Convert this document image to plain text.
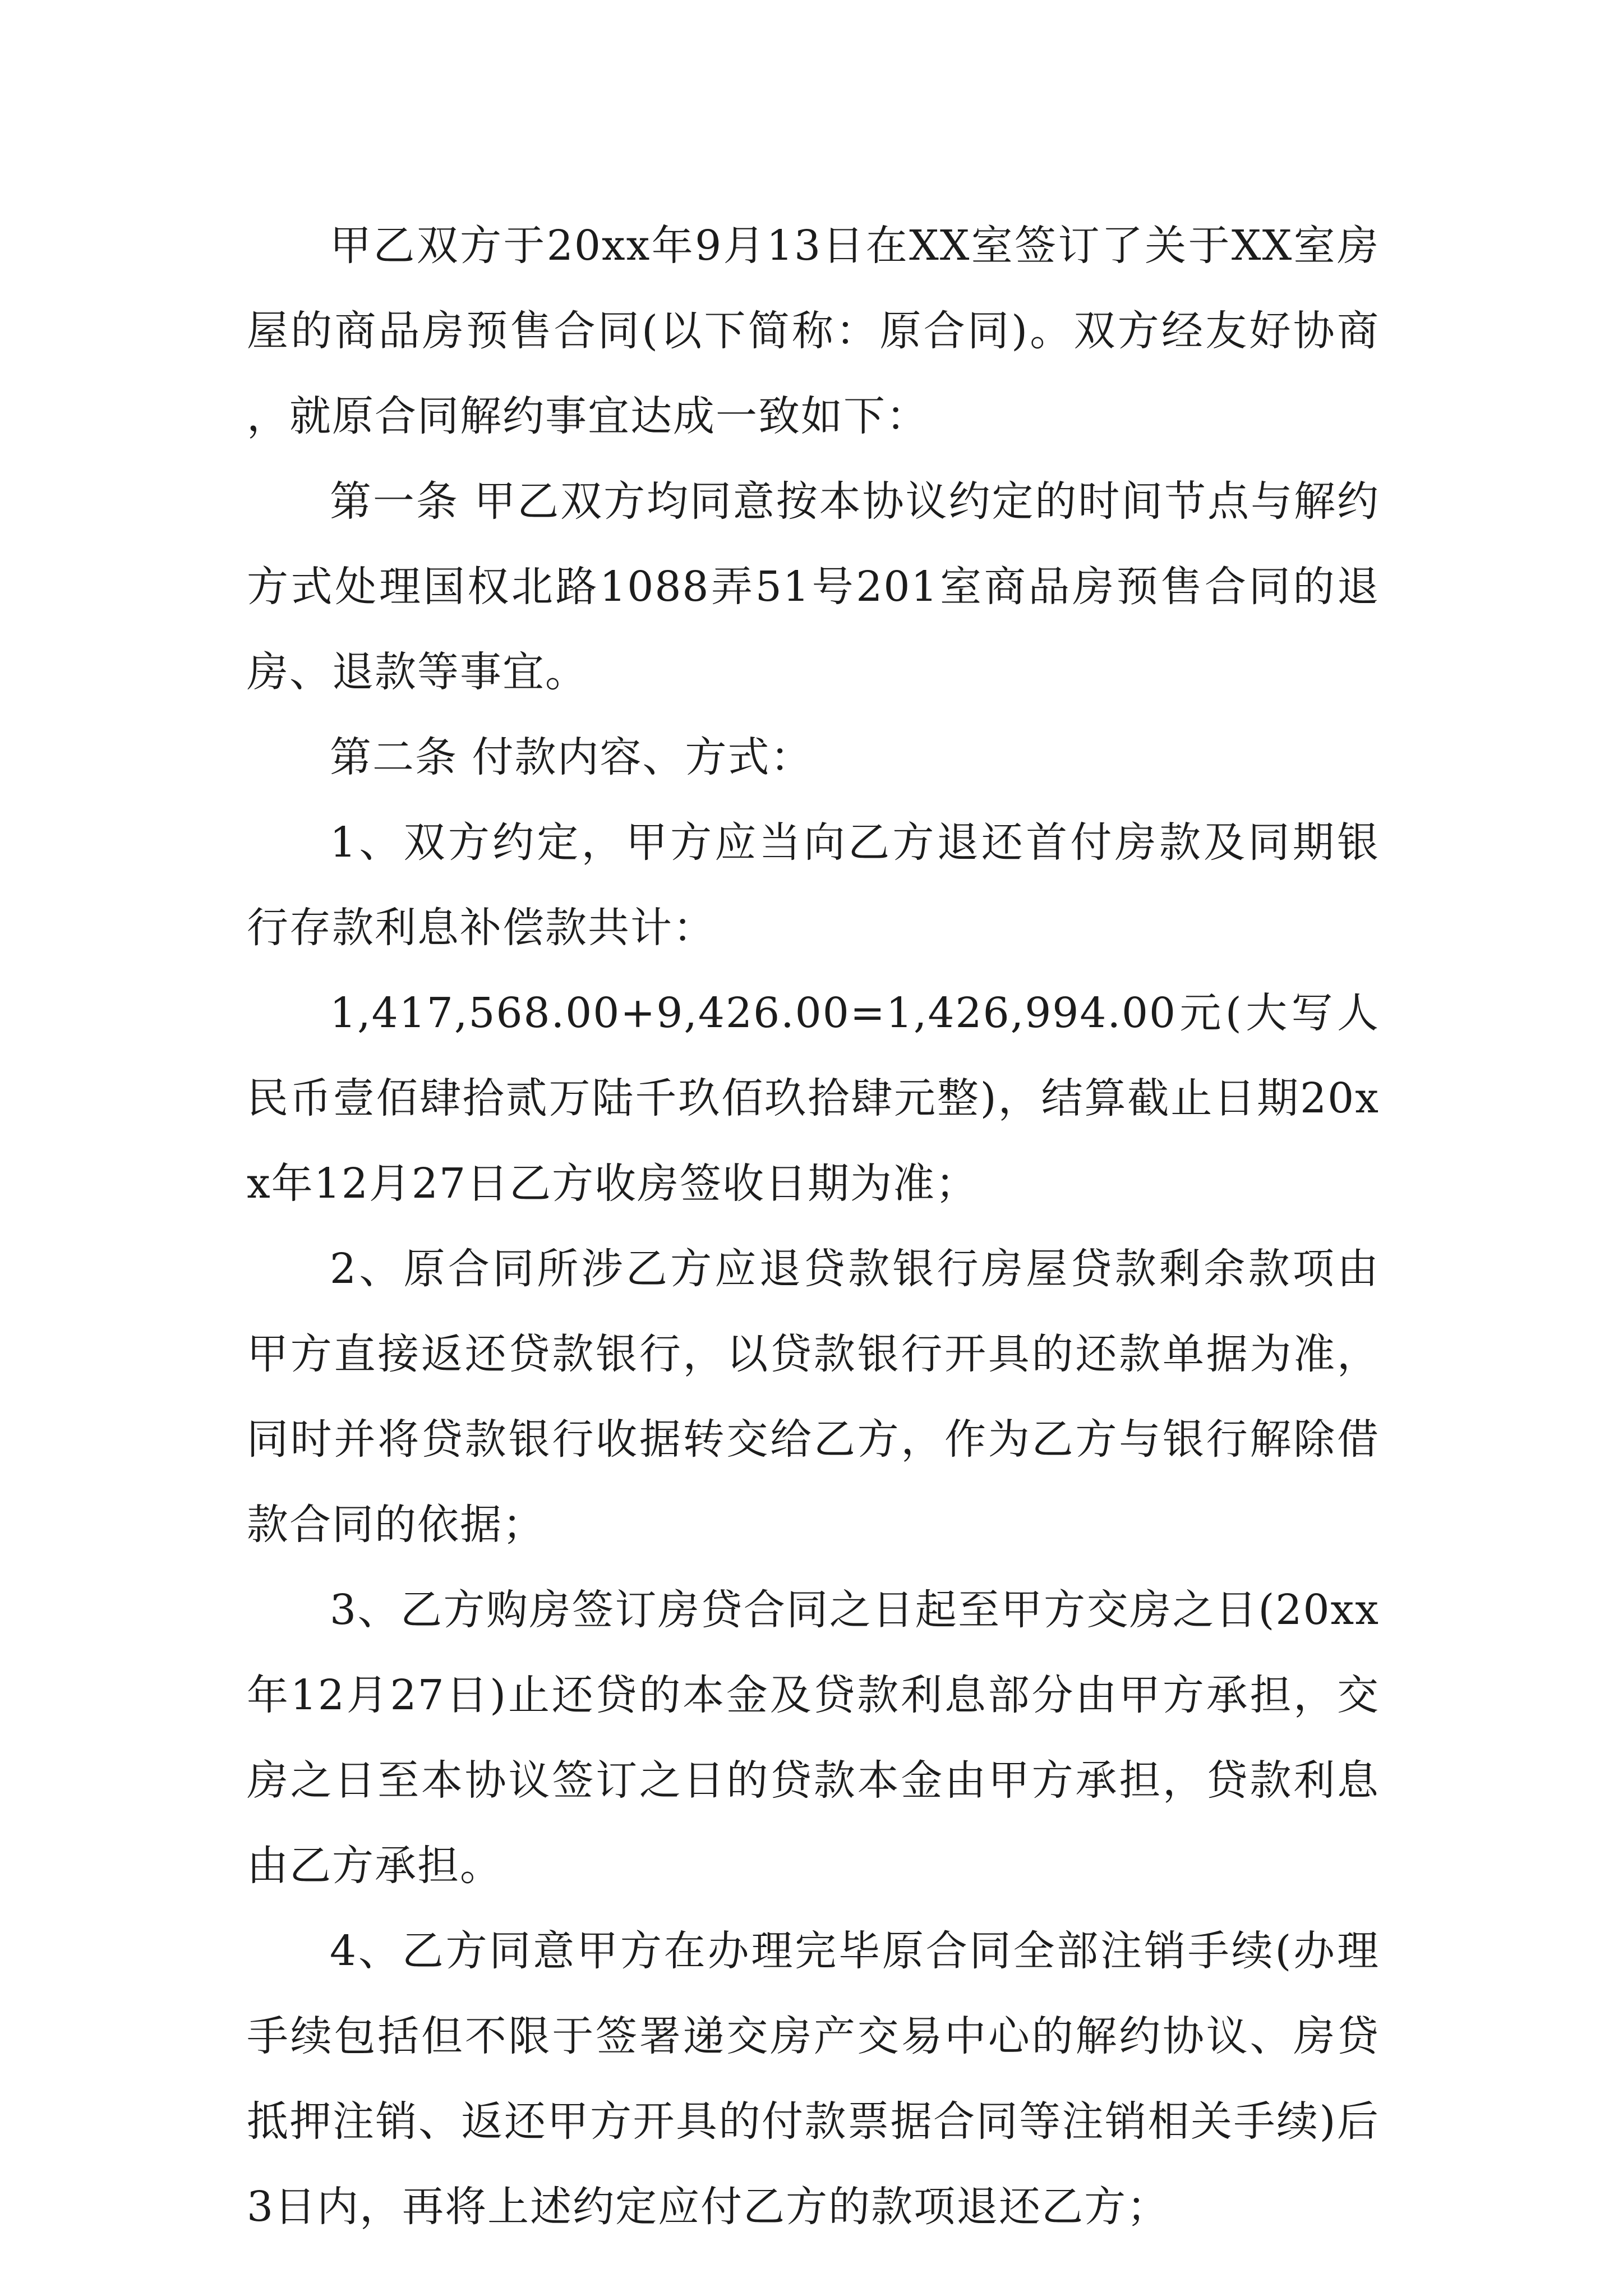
甲乙双方于20xx年9月13日在XX室签订了关于XX室房屋的商品房预售合同(以下简称：原合同)。双方经友好协商，就原合同解约事宜达成一致如下：

第一条 甲乙双方均同意按本协议约定的时间节点与解约方式处理国权北路1088弄51号201室商品房预售合同的退房、退款等事宜。

第二条 付款内容、方式：

1、双方约定，甲方应当向乙方退还首付房款及同期银行存款利息补偿款共计：

1,417,568.00+9,426.00=1,426,994.00元(大写人民币壹佰肆拾贰万陆千玖佰玖拾肆元整)，结算截止日期20xx年12月27日乙方收房签收日期为准；

2、原合同所涉乙方应退贷款银行房屋贷款剩余款项由甲方直接返还贷款银行，以贷款银行开具的还款单据为准，同时并将贷款银行收据转交给乙方，作为乙方与银行解除借款合同的依据；

3、乙方购房签订房贷合同之日起至甲方交房之日(20xx年12月27日)止还贷的本金及贷款利息部分由甲方承担，交房之日至本协议签订之日的贷款本金由甲方承担，贷款利息由乙方承担。

4、乙方同意甲方在办理完毕原合同全部注销手续(办理手续包括但不限于签署递交房产交易中心的解约协议、房贷抵押注销、返还甲方开具的付款票据合同等注销相关手续)后3日内，再将上述约定应付乙方的款项退还乙方；
